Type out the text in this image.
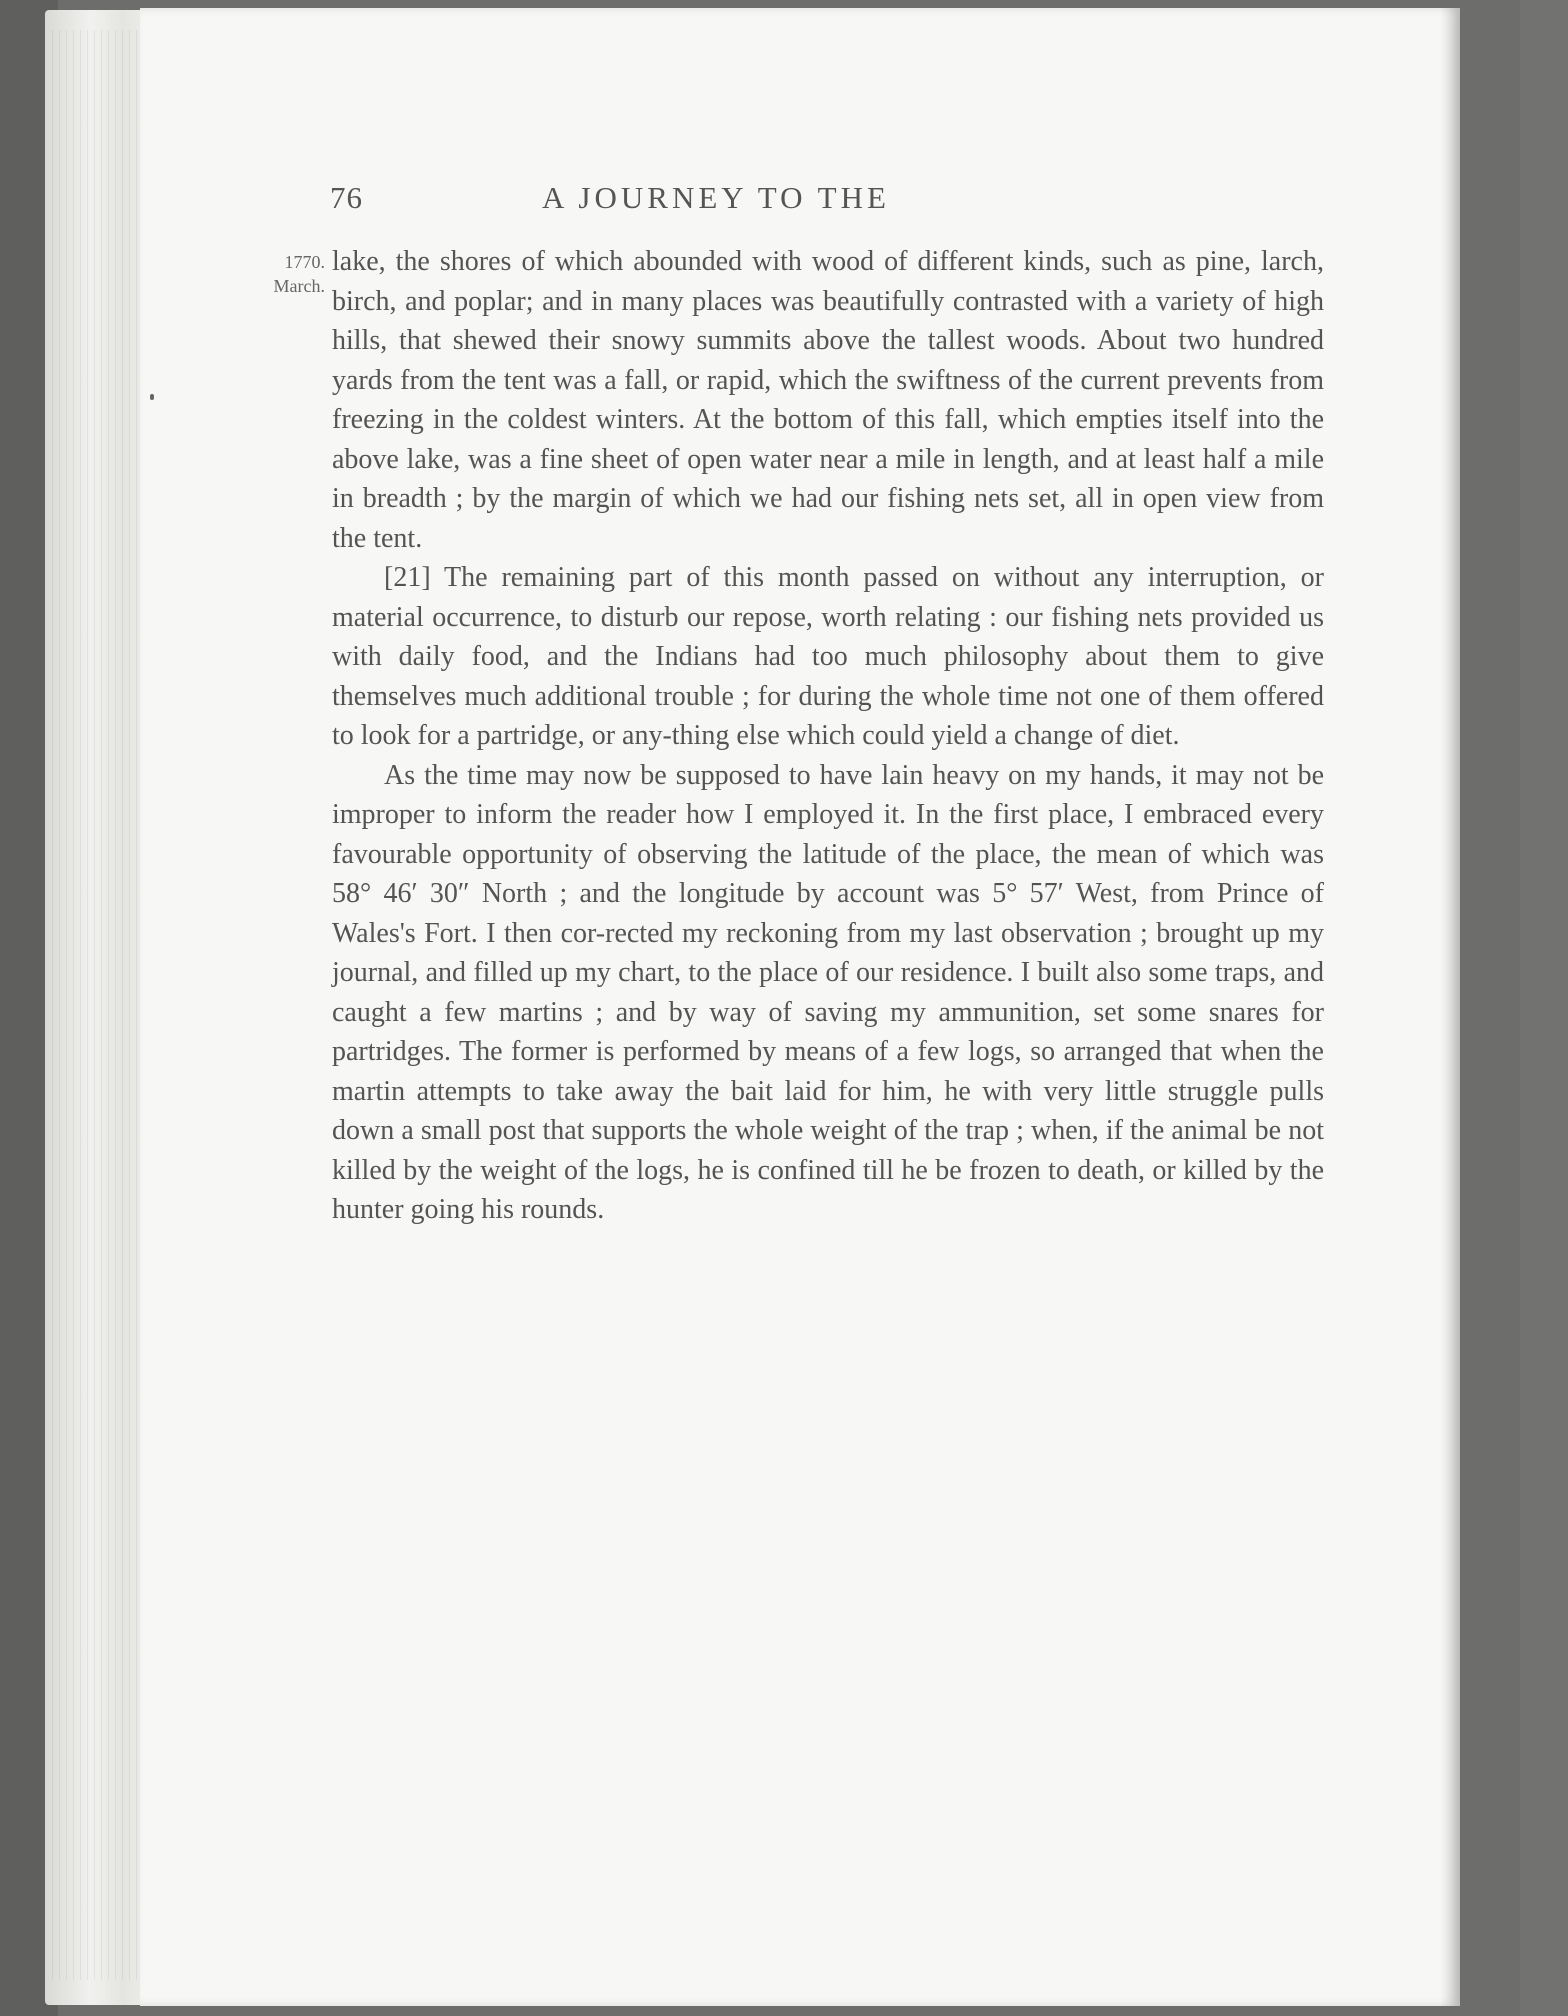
76	A JOURNEY TO THE
1770.
March.

lake, the shores of which abounded with wood of different kinds, such as pine, larch, birch, and poplar; and in many places was beautifully contrasted with a variety of high hills, that shewed their snowy summits above the tallest woods. About two hundred yards from the tent was a fall, or rapid, which the swiftness of the current prevents from freezing in the coldest winters. At the bottom of this fall, which empties itself into the above lake, was a fine sheet of open water near a mile in length, and at least half a mile in breadth ; by the margin of which we had our fishing nets set, all in open view from the tent.

[21] The remaining part of this month passed on without any interruption, or material occurrence, to disturb our repose, worth relating : our fishing nets provided us with daily food, and the Indians had too much philosophy about them to give themselves much additional trouble ; for during the whole time not one of them offered to look for a partridge, or any-thing else which could yield a change of diet.

As the time may now be supposed to have lain heavy on my hands, it may not be improper to inform the reader how I employed it. In the first place, I embraced every favourable opportunity of observing the latitude of the place, the mean of which was 58° 46′ 30″ North ; and the longitude by account was 5° 57′ West, from Prince of Wales's Fort. I then cor-rected my reckoning from my last observation ; brought up my journal, and filled up my chart, to the place of our residence. I built also some traps, and caught a few martins ; and by way of saving my ammunition, set some snares for partridges. The former is performed by means of a few logs, so arranged that when the martin attempts to take away the bait laid for him, he with very little struggle pulls down a small post that supports the whole weight of the trap ; when, if the animal be not killed by the weight of the logs, he is confined till he be frozen to death, or killed by the hunter going his rounds.
